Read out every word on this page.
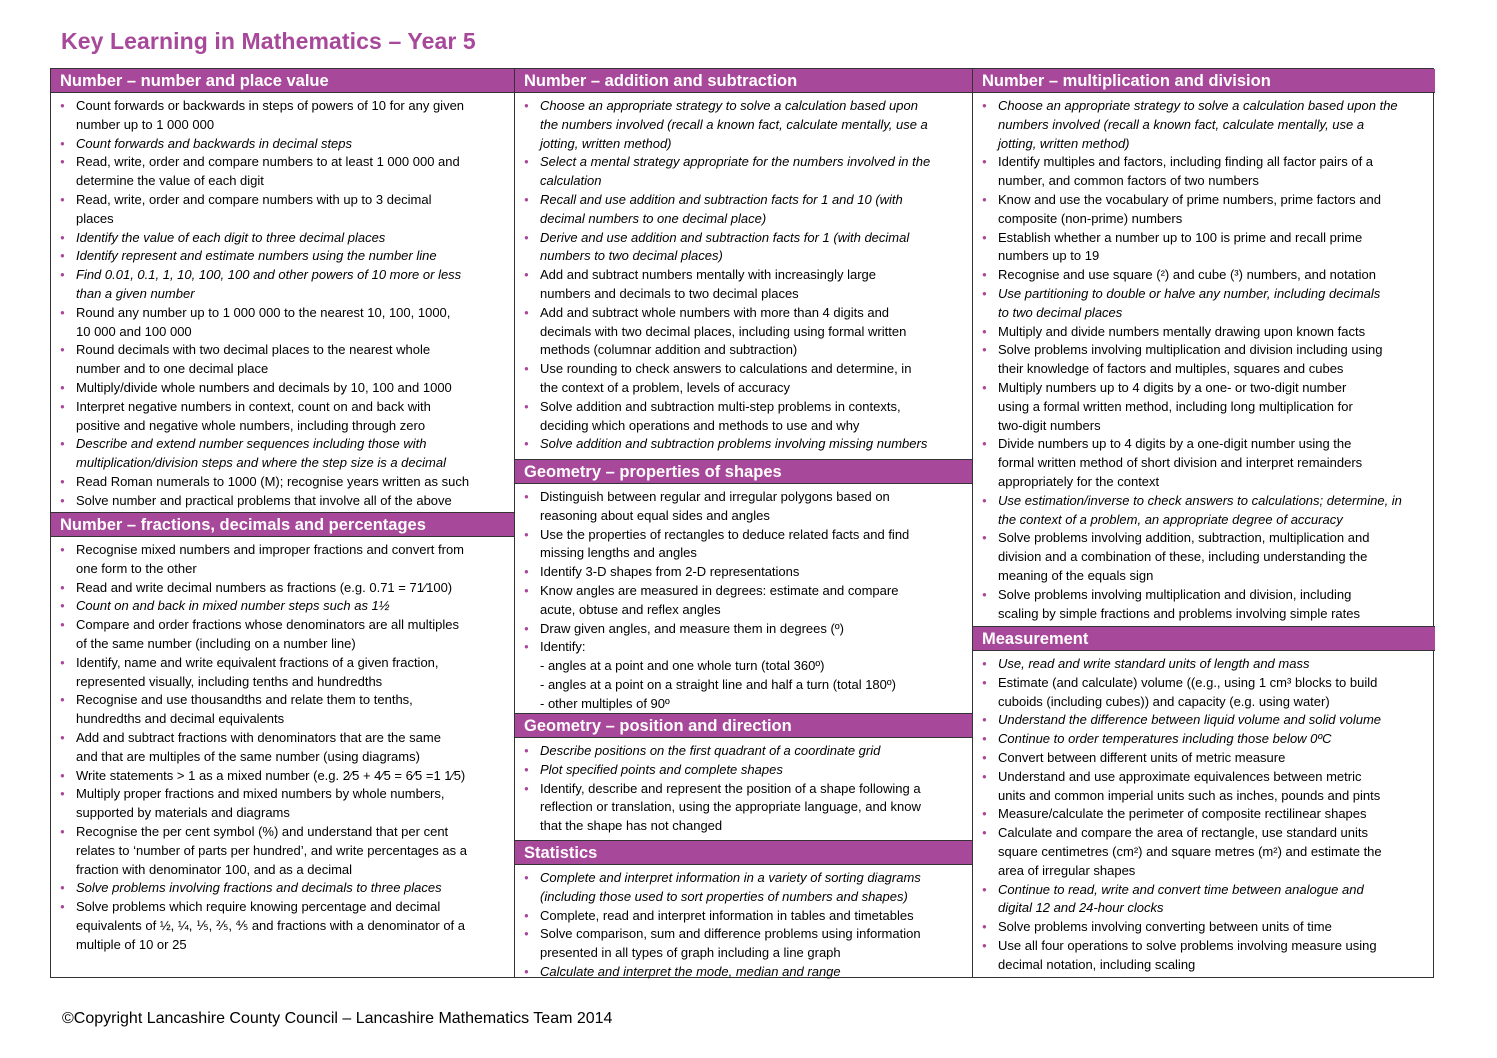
Key Learning in Mathematics – Year 5
Number – number and place value
● Count forwards or backwards in steps of powers of 10 for any given
number up to 1 000 000
● Count forwards and backwards in decimal steps
● Read, write, order and compare numbers to at least 1 000 000 and
determine the value of each digit
● Read, write, order and compare numbers with up to 3 decimal
places
● Identify the value of each digit to three decimal places
● Identify represent and estimate numbers using the number line
● Find 0.01, 0.1, 1, 10, 100, 100 and other powers of 10 more or less
than a given number
● Round any number up to 1 000 000 to the nearest 10, 100, 1000,
10 000 and 100 000
● Round decimals with two decimal places to the nearest whole
number and to one decimal place
● Multiply/divide whole numbers and decimals by 10, 100 and 1000
● Interpret negative numbers in context, count on and back with
positive and negative whole numbers, including through zero
● Describe and extend number sequences including those with
multiplication/division steps and where the step size is a decimal
● Read Roman numerals to 1000 (M); recognise years written as such
● Solve number and practical problems that involve all of the above
Number – fractions, decimals and percentages
● Recognise mixed numbers and improper fractions and convert from
one form to the other
● Read and write decimal numbers as fractions (e.g. 0.71 = 71⁄100)
● Count on and back in mixed number steps such as 1½
● Compare and order fractions whose denominators are all multiples
of the same number (including on a number line)
● Identify, name and write equivalent fractions of a given fraction,
represented visually, including tenths and hundredths
● Recognise and use thousandths and relate them to tenths,
hundredths and decimal equivalents
● Add and subtract fractions with denominators that are the same
and that are multiples of the same number (using diagrams)
● Write statements > 1 as a mixed number (e.g. 2⁄5 + 4⁄5 = 6⁄5 =1 1⁄5)
● Multiply proper fractions and mixed numbers by whole numbers,
supported by materials and diagrams
● Recognise the per cent symbol (%) and understand that per cent
relates to ‘number of parts per hundred’, and write percentages as a
fraction with denominator 100, and as a decimal
● Solve problems involving fractions and decimals to three places
● Solve problems which require knowing percentage and decimal
equivalents of ½, ¼, ⅕, ⅖, ⅘ and fractions with a denominator of a
multiple of 10 or 25
Number – addition and subtraction
● Choose an appropriate strategy to solve a calculation based upon
the numbers involved (recall a known fact, calculate mentally, use a
jotting, written method)
● Select a mental strategy appropriate for the numbers involved in the
calculation
● Recall and use addition and subtraction facts for 1 and 10 (with
decimal numbers to one decimal place)
● Derive and use addition and subtraction facts for 1 (with decimal
numbers to two decimal places)
● Add and subtract numbers mentally with increasingly large
numbers and decimals to two decimal places
● Add and subtract whole numbers with more than 4 digits and
decimals with two decimal places, including using formal written
methods (columnar addition and subtraction)
● Use rounding to check answers to calculations and determine, in
the context of a problem, levels of accuracy
● Solve addition and subtraction multi-step problems in contexts,
deciding which operations and methods to use and why
● Solve addition and subtraction problems involving missing numbers
Geometry – properties of shapes
● Distinguish between regular and irregular polygons based on
reasoning about equal sides and angles
● Use the properties of rectangles to deduce related facts and find
missing lengths and angles
● Identify 3-D shapes from 2-D representations
● Know angles are measured in degrees: estimate and compare
acute, obtuse and reflex angles
● Draw given angles, and measure them in degrees (º)
● Identify:
- angles at a point and one whole turn (total 360º)
- angles at a point on a straight line and half a turn (total 180º)
- other multiples of 90º
Geometry – position and direction
● Describe positions on the first quadrant of a coordinate grid
● Plot specified points and complete shapes
● Identify, describe and represent the position of a shape following a
reflection or translation, using the appropriate language, and know
that the shape has not changed
Statistics
● Complete and interpret information in a variety of sorting diagrams
(including those used to sort properties of numbers and shapes)
● Complete, read and interpret information in tables and timetables
● Solve comparison, sum and difference problems using information
presented in all types of graph including a line graph
● Calculate and interpret the mode, median and range
Number – multiplication and division
● Choose an appropriate strategy to solve a calculation based upon the
numbers involved (recall a known fact, calculate mentally, use a
jotting, written method)
● Identify multiples and factors, including finding all factor pairs of a
number, and common factors of two numbers
● Know and use the vocabulary of prime numbers, prime factors and
composite (non-prime) numbers
● Establish whether a number up to 100 is prime and recall prime
numbers up to 19
● Recognise and use square (²) and cube (³) numbers, and notation
● Use partitioning to double or halve any number, including decimals
to two decimal places
● Multiply and divide numbers mentally drawing upon known facts
● Solve problems involving multiplication and division including using
their knowledge of factors and multiples, squares and cubes
● Multiply numbers up to 4 digits by a one- or two-digit number
using a formal written method, including long multiplication for
two-digit numbers
● Divide numbers up to 4 digits by a one-digit number using the
formal written method of short division and interpret remainders
appropriately for the context
● Use estimation/inverse to check answers to calculations; determine, in
the context of a problem, an appropriate degree of accuracy
● Solve problems involving addition, subtraction, multiplication and
division and a combination of these, including understanding the
meaning of the equals sign
● Solve problems involving multiplication and division, including
scaling by simple fractions and problems involving simple rates
Measurement
● Use, read and write standard units of length and mass
● Estimate (and calculate) volume ((e.g., using 1 cm³ blocks to build
cuboids (including cubes)) and capacity (e.g. using water)
● Understand the difference between liquid volume and solid volume
● Continue to order temperatures including those below 0ºC
● Convert between different units of metric measure
● Understand and use approximate equivalences between metric
units and common imperial units such as inches, pounds and pints
● Measure/calculate the perimeter of composite rectilinear shapes
● Calculate and compare the area of rectangle, use standard units
square centimetres (cm²) and square metres (m²) and estimate the
area of irregular shapes
● Continue to read, write and convert time between analogue and
digital 12 and 24-hour clocks
● Solve problems involving converting between units of time
● Use all four operations to solve problems involving measure using
decimal notation, including scaling
©Copyright Lancashire County Council – Lancashire Mathematics Team 2014
